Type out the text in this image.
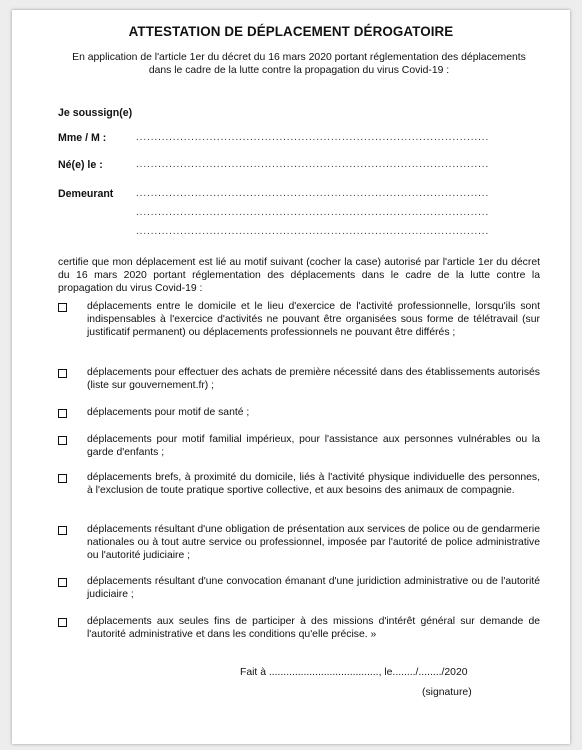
ATTESTATION DE DÉPLACEMENT DÉROGATOIRE
En application de l'article 1er du décret du 16 mars 2020 portant réglementation des déplacements dans le cadre de la lutte contre la propagation du virus Covid-19 :
Je soussign(e)
Mme / M :	................................................................................................
Né(e) le :	................................................................................................
Demeurant ................................................................................................
................................................................................................
................................................................................................
certifie que mon déplacement est lié au motif suivant (cocher la case) autorisé par l'article 1er du décret du 16 mars 2020 portant réglementation des déplacements dans le cadre de la lutte contre la propagation du virus Covid-19 :
déplacements entre le domicile et le lieu d'exercice de l'activité professionnelle, lorsqu'ils sont indispensables à l'exercice d'activités ne pouvant être organisées sous forme de télétravail (sur justificatif permanent) ou déplacements professionnels ne pouvant être différés ;
déplacements pour effectuer des achats de première nécessité dans des établissements autorisés (liste sur gouvernement.fr) ;
déplacements pour motif de santé ;
déplacements pour motif familial impérieux, pour l'assistance aux personnes vulnérables ou la garde d'enfants ;
déplacements brefs, à proximité du domicile, liés à l'activité physique individuelle des personnes, à l'exclusion de toute pratique sportive collective, et aux besoins des animaux de compagnie.
déplacements résultant d'une obligation de présentation aux services de police ou de gendarmerie nationales ou à tout autre service ou professionnel, imposée par l'autorité de police administrative ou l'autorité judiciaire ;
déplacements résultant d'une convocation émanant d'une juridiction administrative ou de l'autorité judiciaire ;
déplacements aux seules fins de participer à des missions d'intérêt général sur demande de l'autorité administrative et dans les conditions qu'elle précise. »
Fait à ......................................, le......../......../2020
(signature)
